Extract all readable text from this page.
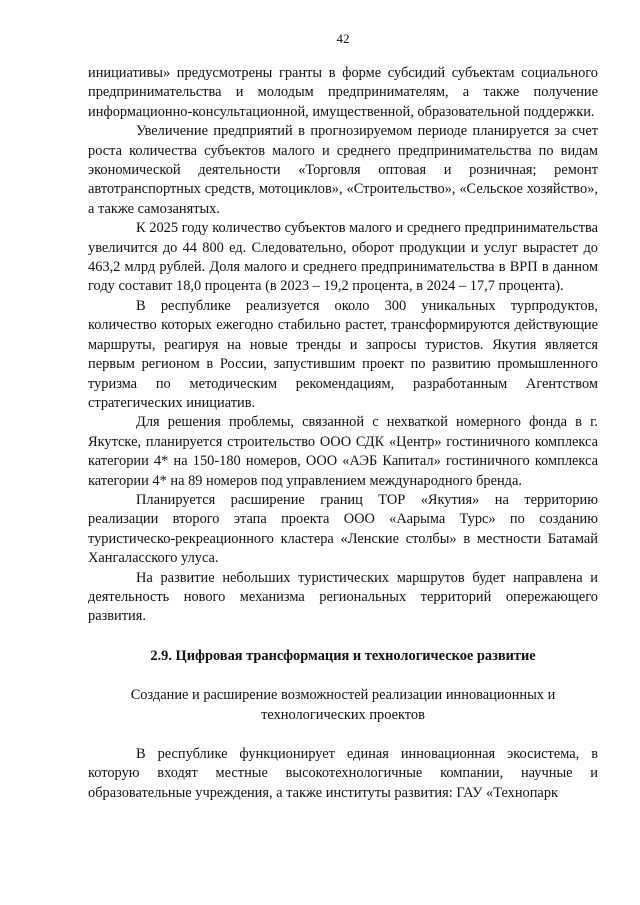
42

инициативы» предусмотрены гранты в форме субсидий субъектам социального предпринимательства и молодым предпринимателям, а также получение информационно-консультационной, имущественной, образовательной поддержки.

Увеличение предприятий в прогнозируемом периоде планируется за счет роста количества субъектов малого и среднего предпринимательства по видам экономической деятельности «Торговля оптовая и розничная; ремонт автотранспортных средств, мотоциклов», «Строительство», «Сельское хозяйство», а также самозанятых.

К 2025 году количество субъектов малого и среднего предпринимательства увеличится до 44 800 ед. Следовательно, оборот продукции и услуг вырастет до 463,2 млрд рублей. Доля малого и среднего предпринимательства в ВРП в данном году составит 18,0 процента (в 2023 – 19,2 процента, в 2024 – 17,7 процента).

В республике реализуется около 300 уникальных турпродуктов, количество которых ежегодно стабильно растет, трансформируются действующие маршруты, реагируя на новые тренды и запросы туристов. Якутия является первым регионом в России, запустившим проект по развитию промышленного туризма по методическим рекомендациям, разработанным Агентством стратегических инициатив.

Для решения проблемы, связанной с нехваткой номерного фонда в г. Якутске, планируется строительство ООО СДК «Центр» гостиничного комплекса категории 4* на 150-180 номеров, ООО «АЭБ Капитал» гостиничного комплекса категории 4* на 89 номеров под управлением международного бренда.

Планируется расширение границ ТОР «Якутия» на территорию реализации второго этапа проекта ООО «Аарыма Турс» по созданию туристическо-рекреационного кластера «Ленские столбы» в местности Батамай Хангаласского улуса.

На развитие небольших туристических маршрутов будет направлена и деятельность нового механизма региональных территорий опережающего развития.

2.9. Цифровая трансформация и технологическое развитие
Создание и расширение возможностей реализации инновационных и технологических проектов

В республике функционирует единая инновационная экосистема, в которую входят местные высокотехнологичные компании, научные и образовательные учреждения, а также институты развития: ГАУ «Технопарк
